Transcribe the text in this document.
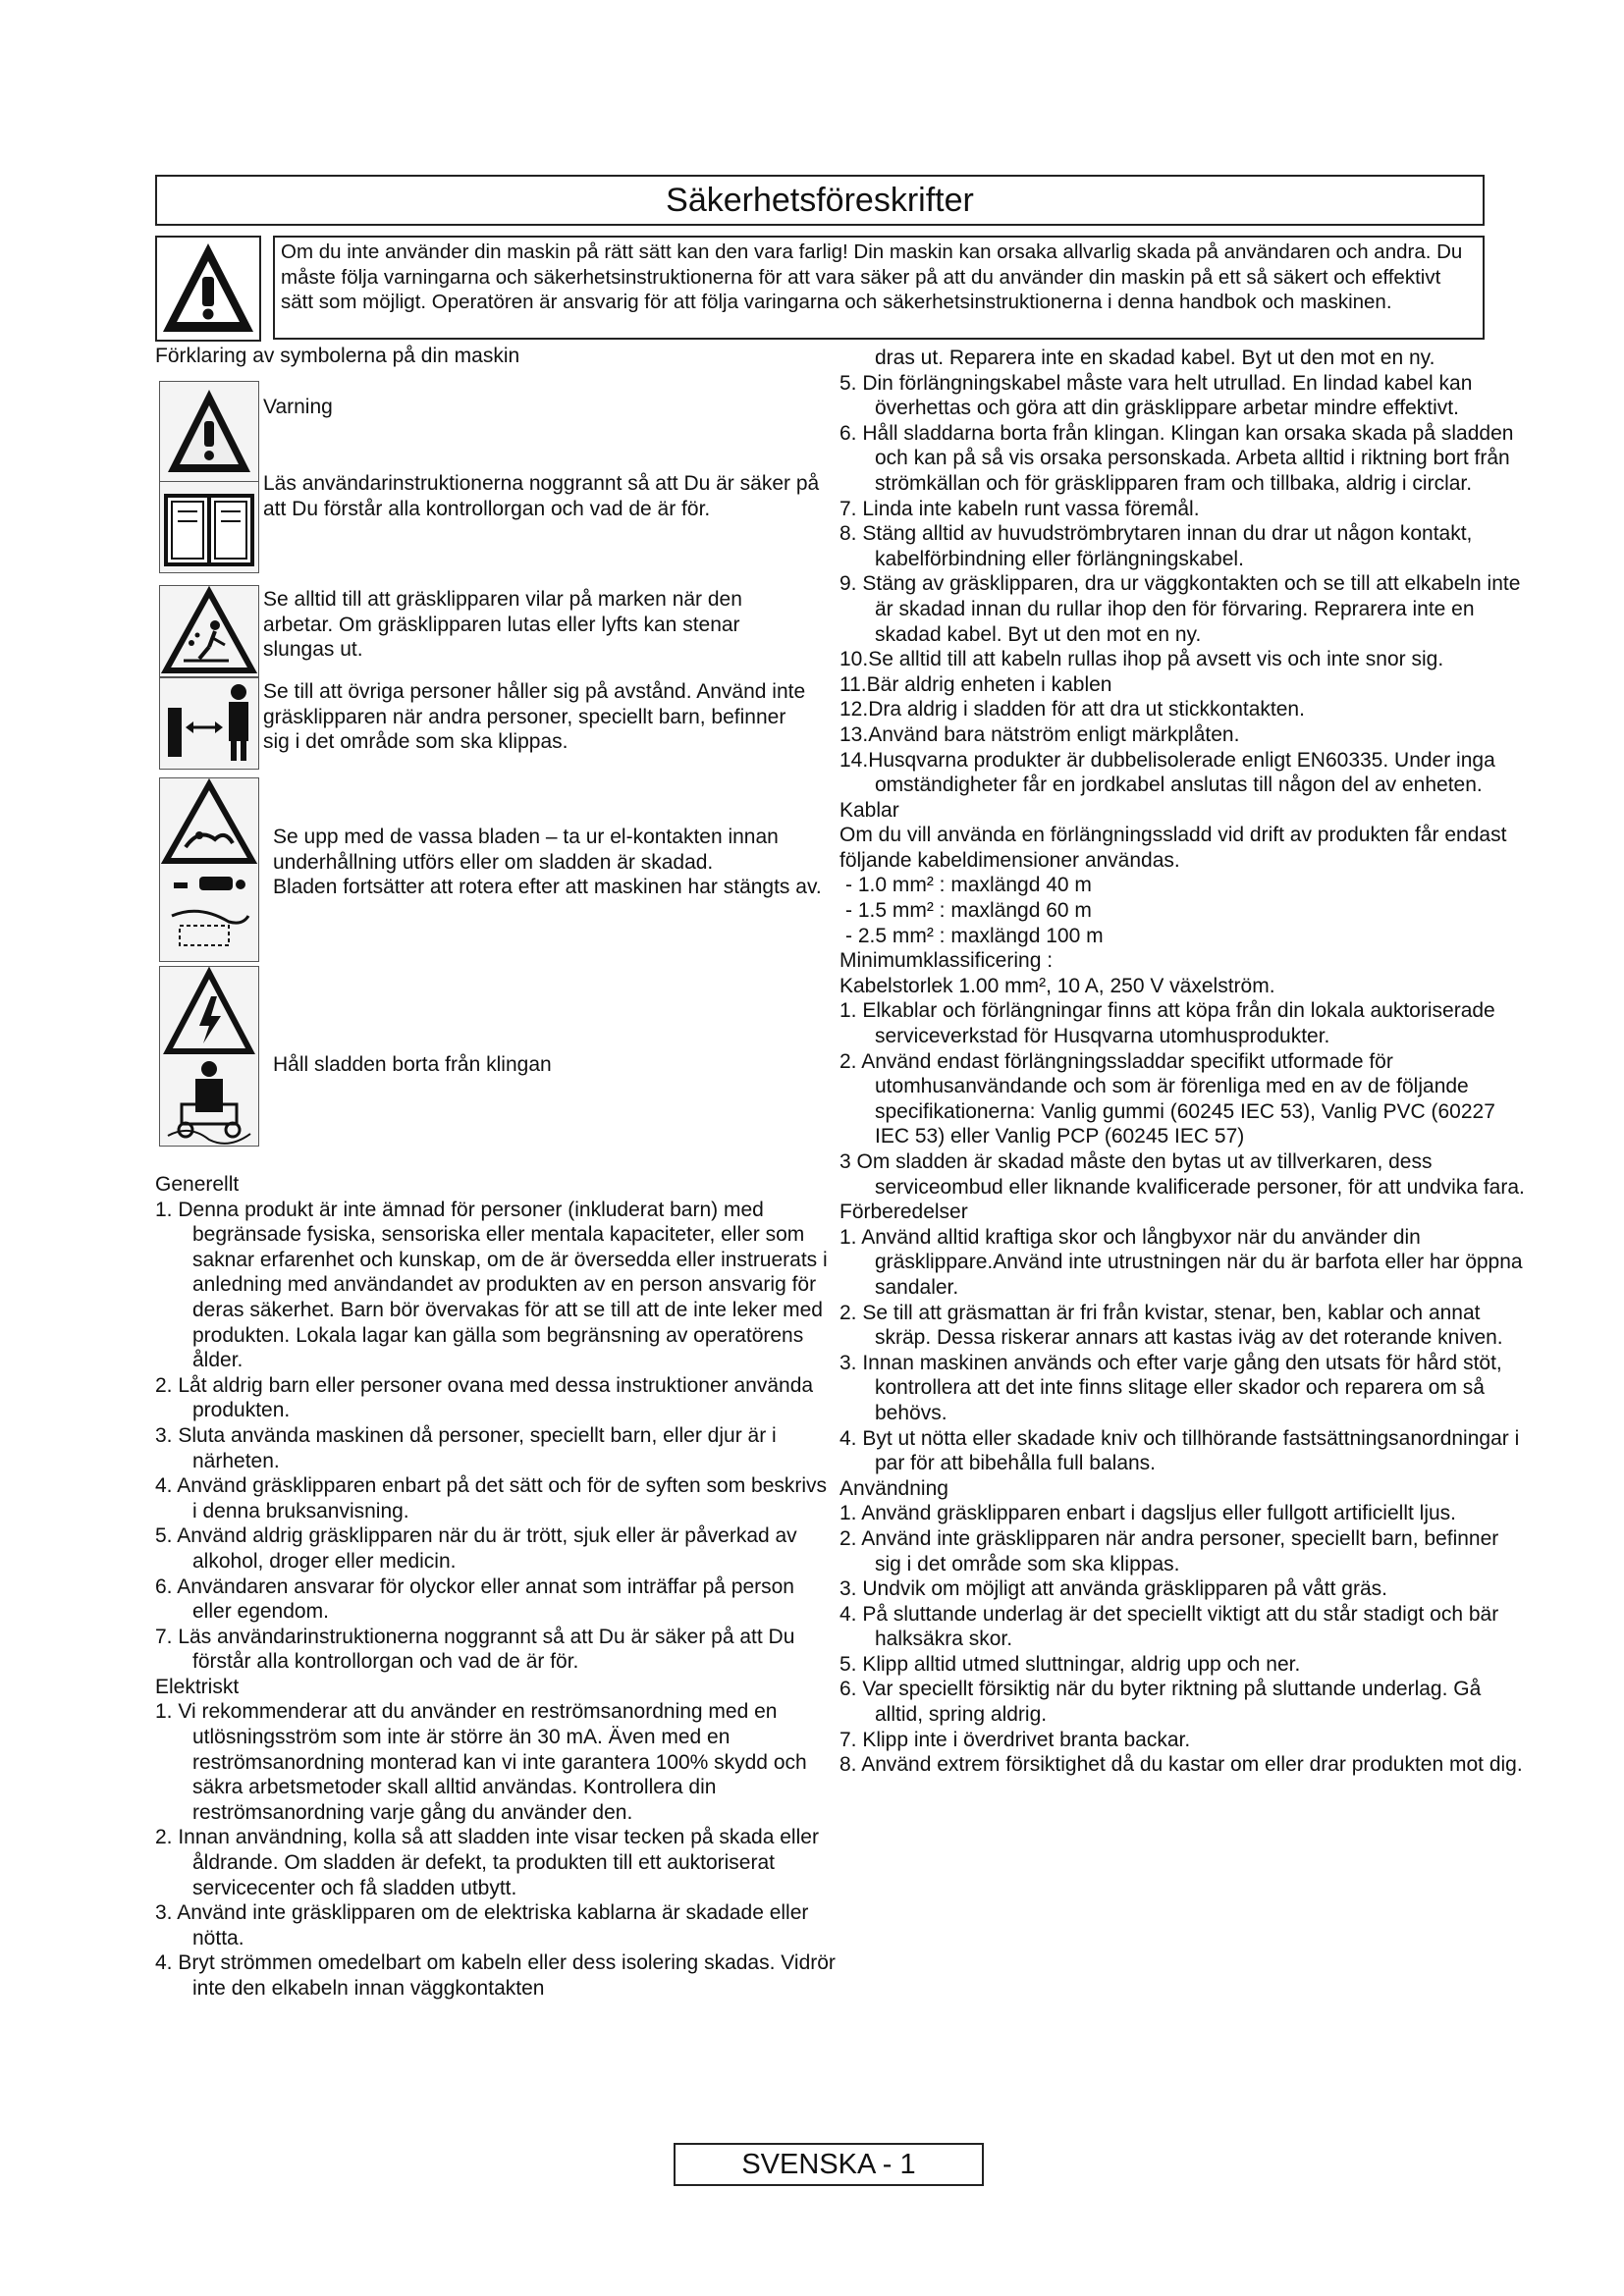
Säkerhetsföreskrifter
Om du inte använder din maskin på rätt sätt kan den vara farlig! Din maskin kan orsaka allvarlig skada på användaren och andra. Du måste följa varningarna och säkerhetsinstruktionerna för att vara säker på att du använder din maskin på ett så säkert och effektivt sätt som möjligt. Operatören är ansvarig för att följa varingarna och säkerhetsinstruktionerna i denna handbok och maskinen.
Förklaring av symbolerna på din maskin
Varning
Läs användarinstruktionerna noggrannt så att Du är säker på att Du förstår alla kontrollorgan och vad de är för.
Se alltid till att gräsklipparen vilar på marken när den arbetar. Om gräsklipparen lutas eller lyfts kan stenar slungas ut.
Se till att övriga personer håller sig på avstånd. Använd inte gräsklipparen när andra personer, speciellt barn, befinner sig i det område som ska klippas.
Se upp med de vassa bladen – ta ur el-kontakten innan underhållning utförs eller om sladden är skadad.
Bladen fortsätter att rotera efter att maskinen har stängts av.
Håll sladden borta från klingan

Generellt

1. Denna produkt är inte ämnad för personer (inkluderat barn) med begränsade fysiska, sensoriska eller mentala kapaciteter, eller som saknar erfarenhet och kunskap, om de är översedda eller instruerats i anledning med användandet av produkten av en person ansvarig för deras säkerhet. Barn bör övervakas för att se till att de inte leker med produkten. Lokala lagar kan gälla som begränsning av operatörens ålder.

2. Låt aldrig barn eller personer ovana med dessa instruktioner använda produkten.

3. Sluta använda maskinen då personer, speciellt barn, eller djur är i närheten.

4. Använd gräsklipparen enbart på det sätt och för de syften som beskrivs i denna bruksanvisning.

5. Använd aldrig gräsklipparen när du är trött, sjuk eller är påverkad av alkohol, droger eller medicin.

6. Användaren ansvarar för olyckor eller annat som inträffar på person eller egendom.

7. Läs användarinstruktionerna noggrannt så att Du är säker på att Du förstår alla kontrollorgan och vad de är för.

Elektriskt

1. Vi rekommenderar att du använder en reströmsanordning med en utlösningsström som inte är större än 30 mA. Även med en reströmsanordning monterad kan vi inte garantera 100% skydd och säkra arbetsmetoder skall alltid användas. Kontrollera din reströmsanordning varje gång du använder den.

2. Innan användning, kolla så att sladden inte visar tecken på skada eller åldrande. Om sladden är defekt, ta produkten till ett auktoriserat servicecenter och få sladden utbytt.

3. Använd inte gräsklipparen om de elektriska kablarna är skadade eller nötta.

4. Bryt strömmen omedelbart om kabeln eller dess isolering skadas. Vidrör inte den elkabeln innan väggkontakten

dras ut. Reparera inte en skadad kabel. Byt ut den mot en ny.

5. Din förlängningskabel måste vara helt utrullad. En lindad kabel kan överhettas och göra att din gräsklippare arbetar mindre effektivt.

6. Håll sladdarna borta från klingan. Klingan kan orsaka skada på sladden och kan på så vis orsaka personskada. Arbeta alltid i riktning bort från strömkällan och för gräsklipparen fram och tillbaka, aldrig i circlar.

7. Linda inte kabeln runt vassa föremål.

8. Stäng alltid av huvudströmbrytaren innan du drar ut någon kontakt, kabelförbindning eller förlängningskabel.

9. Stäng av gräsklipparen, dra ur väggkontakten och se till att elkabeln inte är skadad innan du rullar ihop den för förvaring. Reprarera inte en skadad kabel. Byt ut den mot en ny.

10.Se alltid till att kabeln rullas ihop på avsett vis och inte snor sig.

11.Bär aldrig enheten i kablen

12.Dra aldrig i sladden för att dra ut stickkontakten.

13.Använd bara nätström enligt märkplåten.

14.Husqvarna produkter är dubbelisolerade enligt EN60335. Under inga omständigheter får en jordkabel anslutas till någon del av enheten.

Kablar

Om du vill använda en förlängningssladd vid drift av produkten får endast följande kabeldimensioner användas.

- 1.0 mm² : maxlängd 40 m

- 1.5 mm² : maxlängd 60 m

- 2.5 mm² : maxlängd 100 m

Minimumklassificering :

Kabelstorlek 1.00 mm², 10 A, 250 V växelström.

1. Elkablar och förlängningar finns att köpa från din lokala auktoriserade serviceverkstad för Husqvarna utomhusprodukter.

2. Använd endast förlängningssladdar specifikt utformade för utomhusanvändande och som är förenliga med en av de följande specifikationerna: Vanlig gummi (60245 IEC 53), Vanlig PVC (60227 IEC 53) eller Vanlig PCP (60245 IEC 57)

3 Om sladden är skadad måste den bytas ut av tillverkaren, dess serviceombud eller liknande kvalificerade personer, för att undvika fara.

Förberedelser

1. Använd alltid kraftiga skor och långbyxor när du använder din gräsklippare.Använd inte utrustningen när du är barfota eller har öppna sandaler.

2. Se till att gräsmattan är fri från kvistar, stenar, ben, kablar och annat skräp. Dessa riskerar annars att kastas iväg av det roterande kniven.

3. Innan maskinen används och efter varje gång den utsats för hård stöt, kontrollera att det inte finns slitage eller skador och reparera om så behövs.

4. Byt ut nötta eller skadade kniv och tillhörande fastsättningsanordningar i par för att bibehålla full balans.

Användning

1. Använd gräsklipparen enbart i dagsljus eller fullgott artificiellt ljus.

2. Använd inte gräsklipparen när andra personer, speciellt barn, befinner sig i det område som ska klippas.

3. Undvik om möjligt att använda gräsklipparen på vått gräs.

4. På sluttande underlag är det speciellt viktigt att du står stadigt och bär halksäkra skor.

5. Klipp alltid utmed sluttningar, aldrig upp och ner.

6. Var speciellt försiktig när du byter riktning på sluttande underlag. Gå alltid, spring aldrig.

7. Klipp inte i överdrivet branta backar.

8. Använd extrem försiktighet då du kastar om eller drar produkten mot dig.

SVENSKA - 1
